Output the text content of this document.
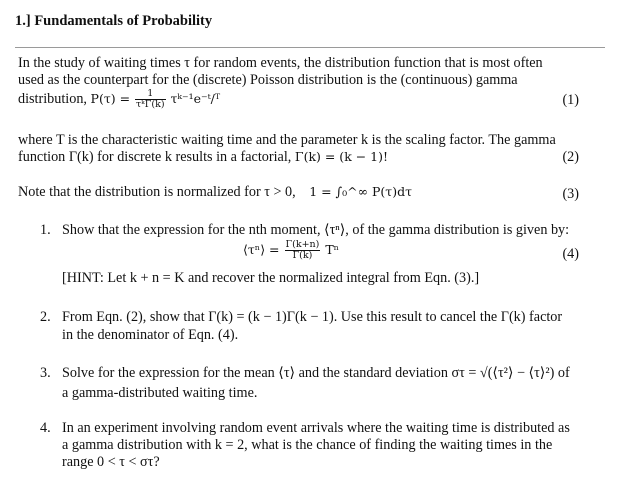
1.] Fundamentals of Probability
In the study of waiting times τ for random events, the distribution function that is most often
used as the counterpart for the (discrete) Poisson distribution is the (continuous) gamma
distribution, $P(\tau) = \frac{1}{\text{τᵏΓ(k)}}$ τᵏ⁻¹e⁻ᵗ/ᵀ	(1)
where T is the characteristic waiting time and the parameter k is the scaling factor. The gamma
function Γ(k) for discrete k results in a factorial, Γ(k) = (k − 1)!	(2)
Note that the distribution is normalized for τ > 0, 1 = ∫₀^∞ P(τ)dτ	(3)
1. Show that the expression for the nth moment, ⟨τⁿ⟩, of the gamma distribution is given by:
⟨τⁿ⟩ = $\frac{\Gamma(k+n)}{\Gamma(k)}$ Tⁿ	(4)
[HINT: Let k + n = K and recover the normalized integral from Eqn. (3).]
2. From Eqn. (2), show that Γ(k) = (k − 1)Γ(k − 1). Use this result to cancel the Γ(k) factor
in the denominator of Eqn. (4).
3. Solve for the expression for the mean ⟨τ⟩ and the standard deviation στ = √(⟨τ²⟩ − ⟨τ⟩²) of
a gamma-distributed waiting time.
4. In an experiment involving random event arrivals where the waiting time is distributed as
a gamma distribution with k = 2, what is the chance of finding the waiting times in the
range 0 < τ < στ?
